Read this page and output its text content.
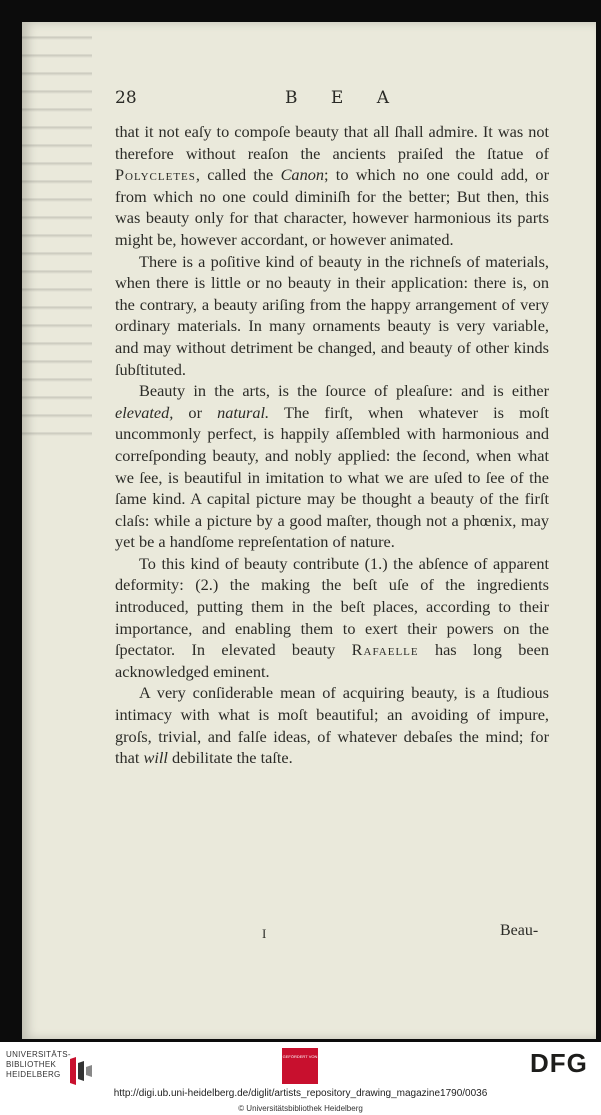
28	B E A

that it not eaſy to compoſe beauty that all ſhall admire. It was not therefore without reaſon the ancients praiſed the ſtatue of Polycletes, called the Canon; to which no one could add, or from which no one could diminiſh for the better; But then, this was beauty only for that character, however harmonious its parts might be, however accordant, or however animated.

There is a poſitive kind of beauty in the richneſs of materials, when there is little or no beauty in their application: there is, on the contrary, a beauty ariſing from the happy arrangement of very ordinary materials. In many ornaments beauty is very variable, and may without detriment be changed, and beauty of other kinds ſubſtituted.

Beauty in the arts, is the ſource of pleaſure: and is either elevated, or natural. The firſt, when whatever is moſt uncommonly perfect, is happily aſſembled with harmonious and correſponding beauty, and nobly applied: the ſecond, when what we ſee, is beautiful in imitation to what we are uſed to ſee of the ſame kind. A capital picture may be thought a beauty of the firſt claſs: while a picture by a good maſter, though not a phœnix, may yet be a handſome repreſentation of nature.

To this kind of beauty contribute (1.) the abſence of apparent deformity: (2.) the making the beſt uſe of the ingredients introduced, putting them in the beſt places, according to their importance, and enabling them to exert their powers on the ſpectator. In elevated beauty Rafaelle has long been acknowledged eminent.

A very conſiderable mean of acquiring beauty, is a ſtudious intimacy with what is moſt beautiful; an avoiding of impure, groſs, trivial, and falſe ideas, of whatever debaſes the mind; for that will debilitate the taſte.

I	Beau-
UNIVERSITÄTS-
BIBLIOTHEK
HEIDELBERG
GEFÖRDERT VON	DFG
http://digi.ub.uni-heidelberg.de/diglit/artists_repository_drawing_magazine1790/0036
© Universitätsbibliothek Heidelberg
